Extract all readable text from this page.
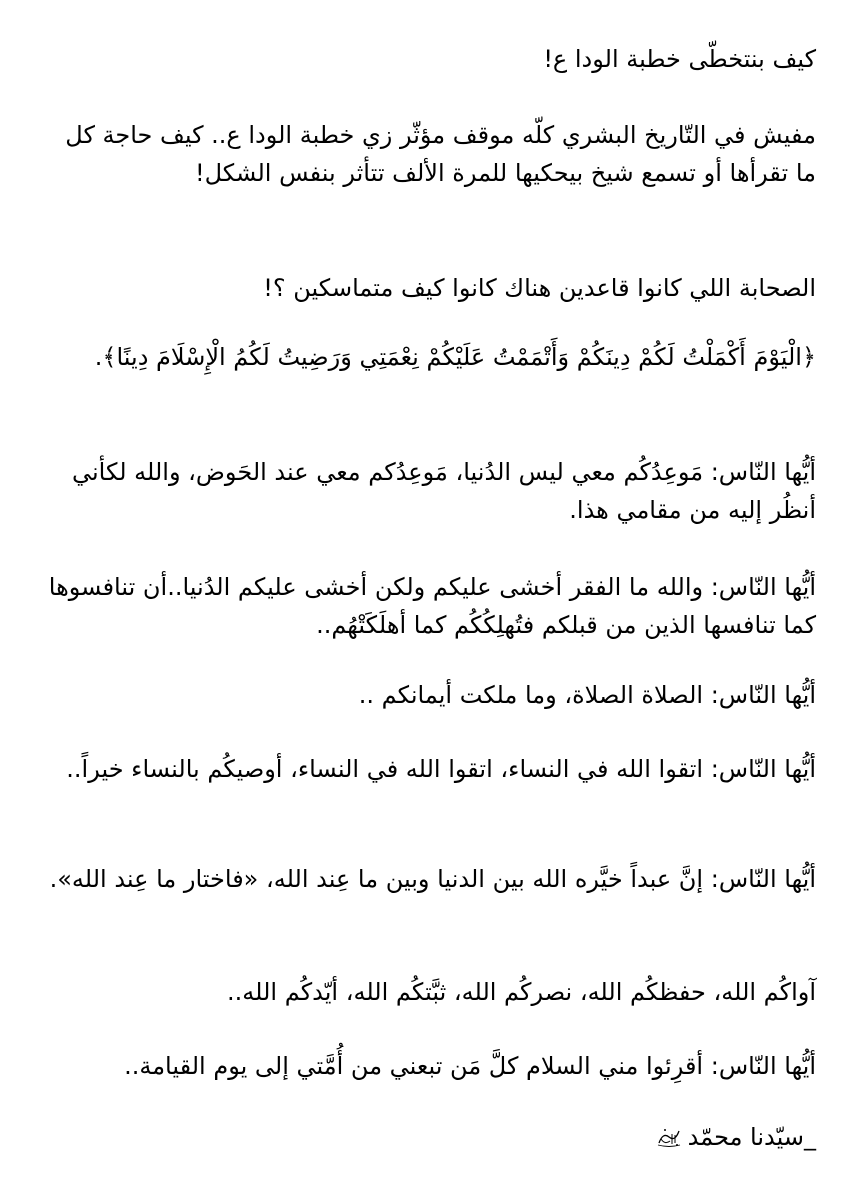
كيف بنتخطّى خطبة الودا ع!

مفيش في التّاريخ البشري كلّه موقف مؤثّر زي خطبة الودا ع.. كيف حاجة كل ما تقرأها أو تسمع شيخ بيحكيها للمرة الألف تتأثر بنفس الشكل!

الصحابة اللي كانوا قاعدين هناك كانوا كيف متماسكين ؟!

﴿الْيَوْمَ أَكْمَلْتُ لَكُمْ دِينَكُمْ وَأَتْمَمْتُ عَلَيْكُمْ نِعْمَتِي وَرَضِيتُ لَكُمُ الْإِسْلَامَ دِينًا﴾.

أيُّها النّاس: مَوعِدُكُم معي ليس الدُنيا، مَوعِدُكم معي عند الحَوض، والله لكأني أنظُر إليه من مقامي هذا.

أيُّها النّاس: والله ما الفقر أخشى عليكم ولكن أخشى عليكم الدُنيا..أن تنافسوها كما تنافسها الذين من قبلكم فتُهلِكُكُم كما أهلَكَتْهُم..

أيُّها النّاس: الصلاة الصلاة، وما ملكت أيمانكم ..

أيُّها النّاس: اتقوا الله في النساء، اتقوا الله في النساء، أوصيكُم بالنساء خيراً..

أيُّها النّاس: إنَّ عبداً خيَّره الله بين الدنيا وبين ما عِند الله، «فاختار ما عِند الله».

آواكُم الله، حفظكُم الله، نصركُم الله، ثبَّتكُم الله، أيّدكُم الله..

أيُّها النّاس: أقرِئوا مني السلام كلَّ مَن تبعني من أُمَّتي إلى يوم القيامة..

_سيّدنا محمّد
